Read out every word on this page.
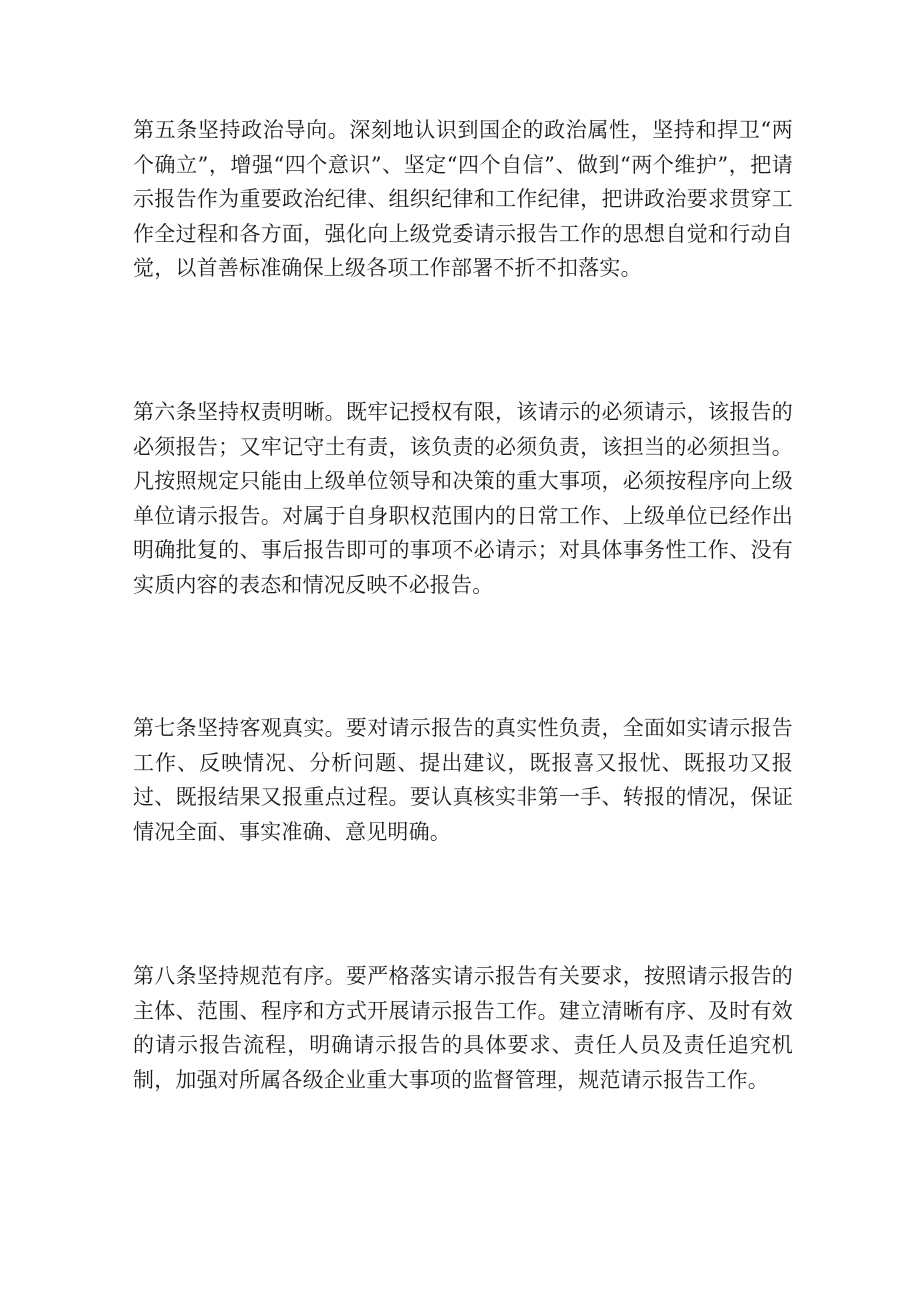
第五条坚持政治导向。深刻地认识到国企的政治属性，坚持和捍卫“两个确立”，增强“四个意识”、坚定“四个自信”、做到“两个维护”，把请示报告作为重要政治纪律、组织纪律和工作纪律，把讲政治要求贯穿工作全过程和各方面，强化向上级党委请示报告工作的思想自觉和行动自觉，以首善标准确保上级各项工作部署不折不扣落实。

第六条坚持权责明晰。既牢记授权有限，该请示的必须请示，该报告的必须报告；又牢记守土有责，该负责的必须负责，该担当的必须担当。凡按照规定只能由上级单位领导和决策的重大事项，必须按程序向上级单位请示报告。对属于自身职权范围内的日常工作、上级单位已经作出明确批复的、事后报告即可的事项不必请示；对具体事务性工作、没有实质内容的表态和情况反映不必报告。

第七条坚持客观真实。要对请示报告的真实性负责，全面如实请示报告工作、反映情况、分析问题、提出建议，既报喜又报忧、既报功又报过、既报结果又报重点过程。要认真核实非第一手、转报的情况，保证情况全面、事实准确、意见明确。

第八条坚持规范有序。要严格落实请示报告有关要求，按照请示报告的主体、范围、程序和方式开展请示报告工作。建立清晰有序、及时有效的请示报告流程，明确请示报告的具体要求、责任人员及责任追究机制，加强对所属各级企业重大事项的监督管理，规范请示报告工作。
